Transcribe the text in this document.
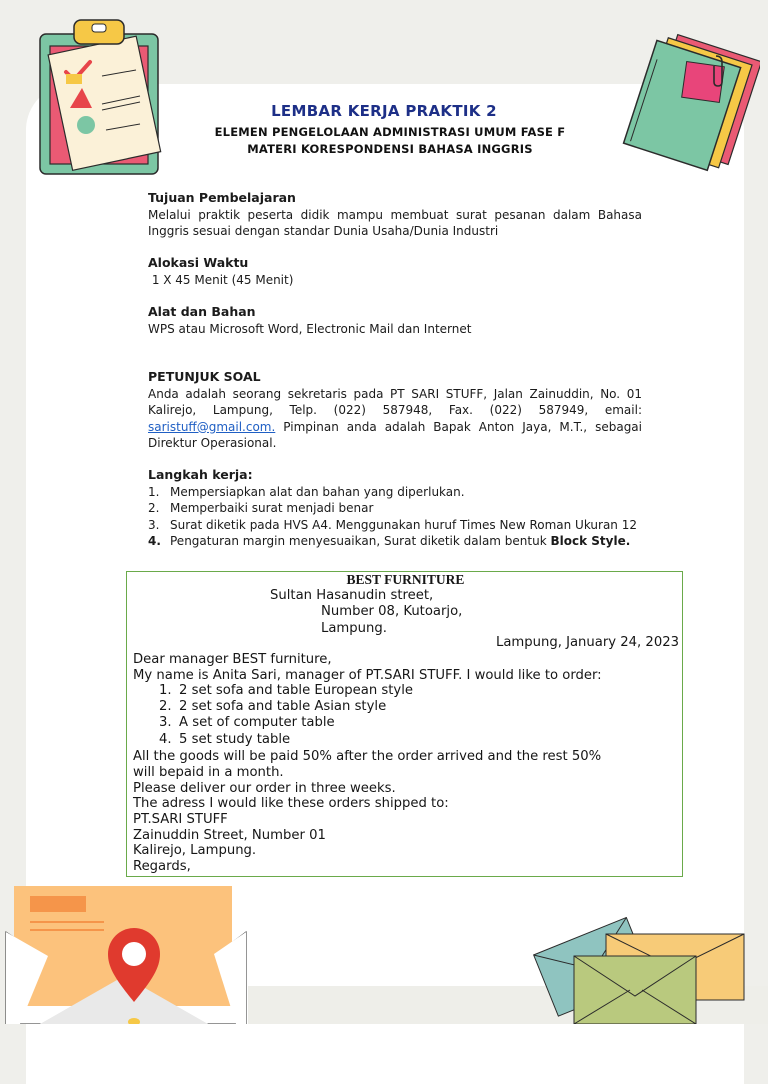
LEMBAR KERJA PRAKTIK 2
ELEMEN PENGELOLAAN ADMINISTRASI UMUM FASE F
MATERI KORESPONDENSI BAHASA INGGRIS

Tujuan Pembelajaran

Melalui praktik peserta didik mampu membuat surat pesanan dalam Bahasa Inggris sesuai dengan standar Dunia Usaha/Dunia Industri

Alokasi Waktu

1 X 45 Menit (45 Menit)

Alat dan Bahan

WPS atau Microsoft Word, Electronic Mail dan Internet

PETUNJUK SOAL

Anda adalah seorang sekretaris pada PT SARI STUFF, Jalan Zainuddin, No. 01 Kalirejo, Lampung, Telp. (022) 587948, Fax. (022) 587949, email: saristuff@gmail.com. Pimpinan anda adalah Bapak Anton Jaya, M.T., sebagai Direktur Operasional.

Langkah kerja:

1. Mempersiapkan alat dan bahan yang diperlukan.
2. Memperbaiki surat menjadi benar
3. Surat diketik pada HVS A4. Menggunakan huruf Times New Roman Ukuran 12
4. Pengaturan margin menyesuaikan, Surat diketik dalam bentuk Block Style.
BEST FURNITURE
Sultan Hasanudin street,
Number 08, Kutoarjo,
Lampung.
Lampung, January 24, 2023
Dear manager BEST furniture,
My name is Anita Sari, manager of PT.SARI STUFF. I would like to order:
1. 2 set sofa and table European style
2. 2 set sofa and table Asian style
3. A set of computer table
4. 5 set study table
All the goods will be paid 50% after the order arrived and the rest 50%
will bepaid in a month.
Please deliver our order in three weeks.
The adress I would like these orders shipped to:
PT.SARI STUFF
Zainuddin Street, Number 01
Kalirejo, Lampung.
Regards,
